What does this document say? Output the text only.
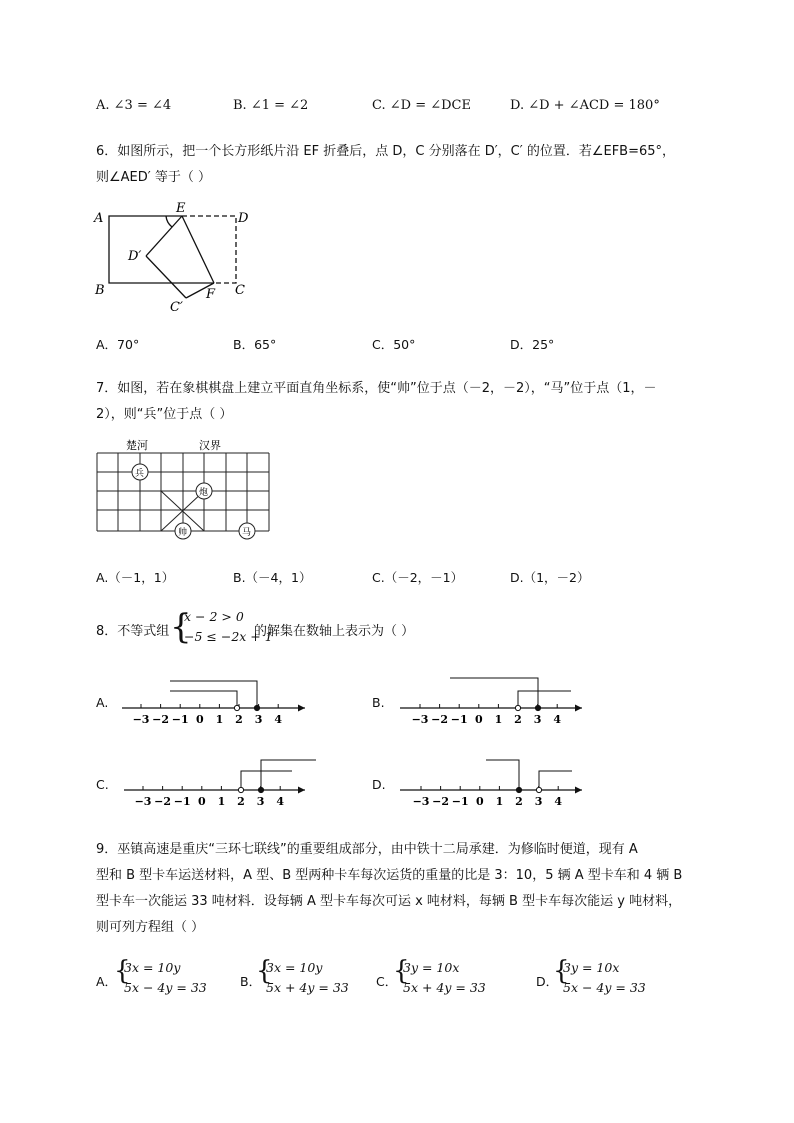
A. ∠3 = ∠4	B. ∠1 = ∠2	C. ∠D = ∠DCE	D. ∠D + ∠ACD = 180°
6．如图所示，把一个长方形纸片沿 EF 折叠后，点 D，C 分别落在 D′，C′ 的位置．若∠EFB=65°，
则∠AED′ 等于（ ）
A
E
D
D′
B	F C
C′
A．70°	B．65°	C．50°	D．25°
7．如图，若在象棋棋盘上建立平面直角坐标系，使“帅”位于点（－2，－2），“马”位于点（1，－
2），则“兵”位于点（ ）
楚河	汉界
兵
炮
帅	马
A.（－1，1）	B.（－4，1）	C.（－2，－1）	D.（1，－2）
8．不等式组 {
x − 2 > 0
−5 ≤ −2x + 1
的解集在数轴上表示为（ ）
A.	B.
C.	D.
−3 −2 −1 0 1 2 3 4	−3 −2 −1 0 1 2 3 4
−3 −2 −1 0 1 2 3 4	−3 −2 −1 0 1 2 3 4
9．巫镇高速是重庆“三环七联线”的重要组成部分，由中铁十二局承建．为修临时便道，现有 A
型和 B 型卡车运送材料，A 型、B 型两种卡车每次运货的重量的比是 3：10，5 辆 A 型卡车和 4 辆 B
型卡车一次能运 33 吨材料．设每辆 A 型卡车每次可运 x 吨材料，每辆 B 型卡车每次能运 y 吨材料，
则可列方程组（ ）
A．
{
3x = 10y
5x − 4y = 33	B．
{
3x = 10y
5x + 4y = 33 C．
{
3y = 10x
5x + 4y = 33	D．
{
3y = 10x
5x − 4y = 33
